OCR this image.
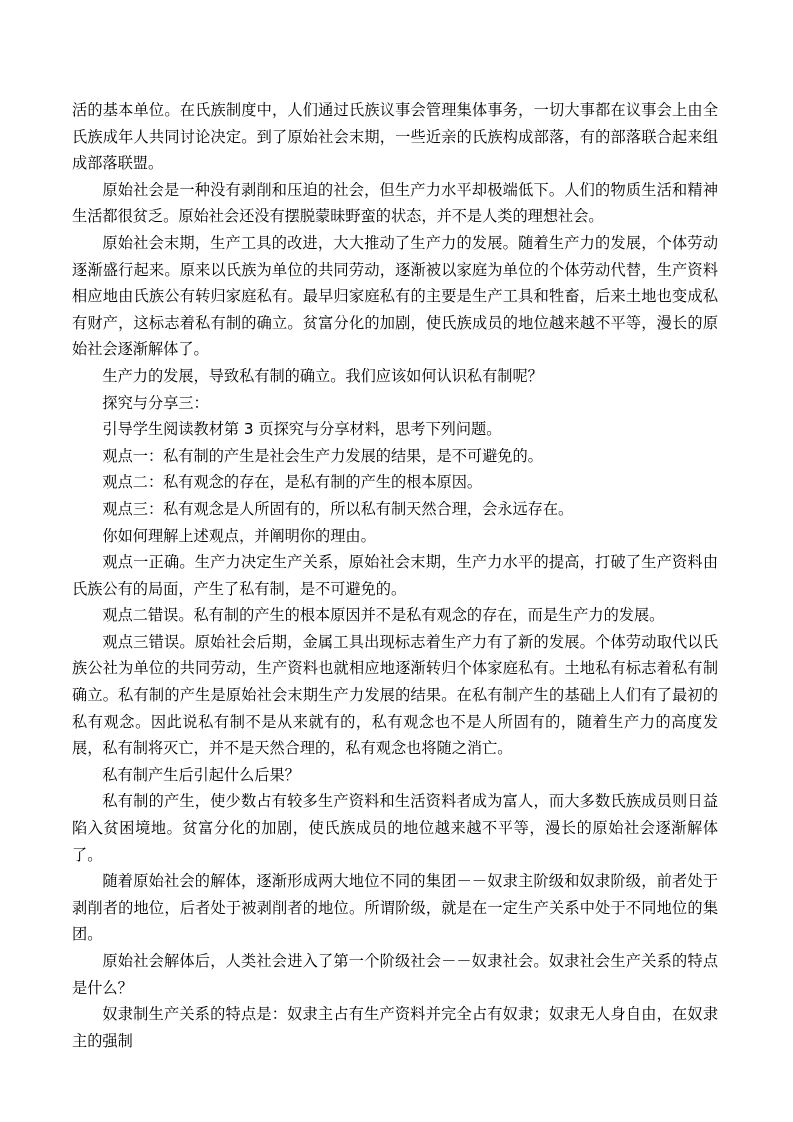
活的基本单位。在氏族制度中，人们通过氏族议事会管理集体事务，一切大事都在议事会上由全氏族成年人共同讨论决定。到了原始社会末期，一些近亲的氏族构成部落，有的部落联合起来组成部落联盟。

原始社会是一种没有剥削和压迫的社会，但生产力水平却极端低下。人们的物质生活和精神生活都很贫乏。原始社会还没有摆脱蒙昧野蛮的状态，并不是人类的理想社会。

原始社会末期，生产工具的改进，大大推动了生产力的发展。随着生产力的发展，个体劳动逐渐盛行起来。原来以氏族为单位的共同劳动，逐渐被以家庭为单位的个体劳动代替，生产资料相应地由氏族公有转归家庭私有。最早归家庭私有的主要是生产工具和牲畜，后来土地也变成私有财产，这标志着私有制的确立。贫富分化的加剧，使氏族成员的地位越来越不平等，漫长的原始社会逐渐解体了。

生产力的发展，导致私有制的确立。我们应该如何认识私有制呢？

探究与分享三：

引导学生阅读教材第 3 页探究与分享材料，思考下列问题。

观点一：私有制的产生是社会生产力发展的结果，是不可避免的。

观点二：私有观念的存在，是私有制的产生的根本原因。

观点三：私有观念是人所固有的，所以私有制天然合理，会永远存在。

你如何理解上述观点，并阐明你的理由。

观点一正确。生产力决定生产关系，原始社会末期，生产力水平的提高，打破了生产资料由氏族公有的局面，产生了私有制，是不可避免的。

观点二错误。私有制的产生的根本原因并不是私有观念的存在，而是生产力的发展。

观点三错误。原始社会后期，金属工具出现标志着生产力有了新的发展。个体劳动取代以氏族公社为单位的共同劳动，生产资料也就相应地逐渐转归个体家庭私有。土地私有标志着私有制确立。私有制的产生是原始社会末期生产力发展的结果。在私有制产生的基础上人们有了最初的私有观念。因此说私有制不是从来就有的，私有观念也不是人所固有的，随着生产力的高度发展，私有制将灭亡，并不是天然合理的，私有观念也将随之消亡。

私有制产生后引起什么后果？

私有制的产生，使少数占有较多生产资料和生活资料者成为富人，而大多数氏族成员则日益陷入贫困境地。贫富分化的加剧，使氏族成员的地位越来越不平等，漫长的原始社会逐渐解体了。

随着原始社会的解体，逐渐形成两大地位不同的集团－－奴隶主阶级和奴隶阶级，前者处于剥削者的地位，后者处于被剥削者的地位。所谓阶级，就是在一定生产关系中处于不同地位的集团。

原始社会解体后，人类社会进入了第一个阶级社会－－奴隶社会。奴隶社会生产关系的特点是什么？

奴隶制生产关系的特点是：奴隶主占有生产资料并完全占有奴隶；奴隶无人身自由，在奴隶主的强制
